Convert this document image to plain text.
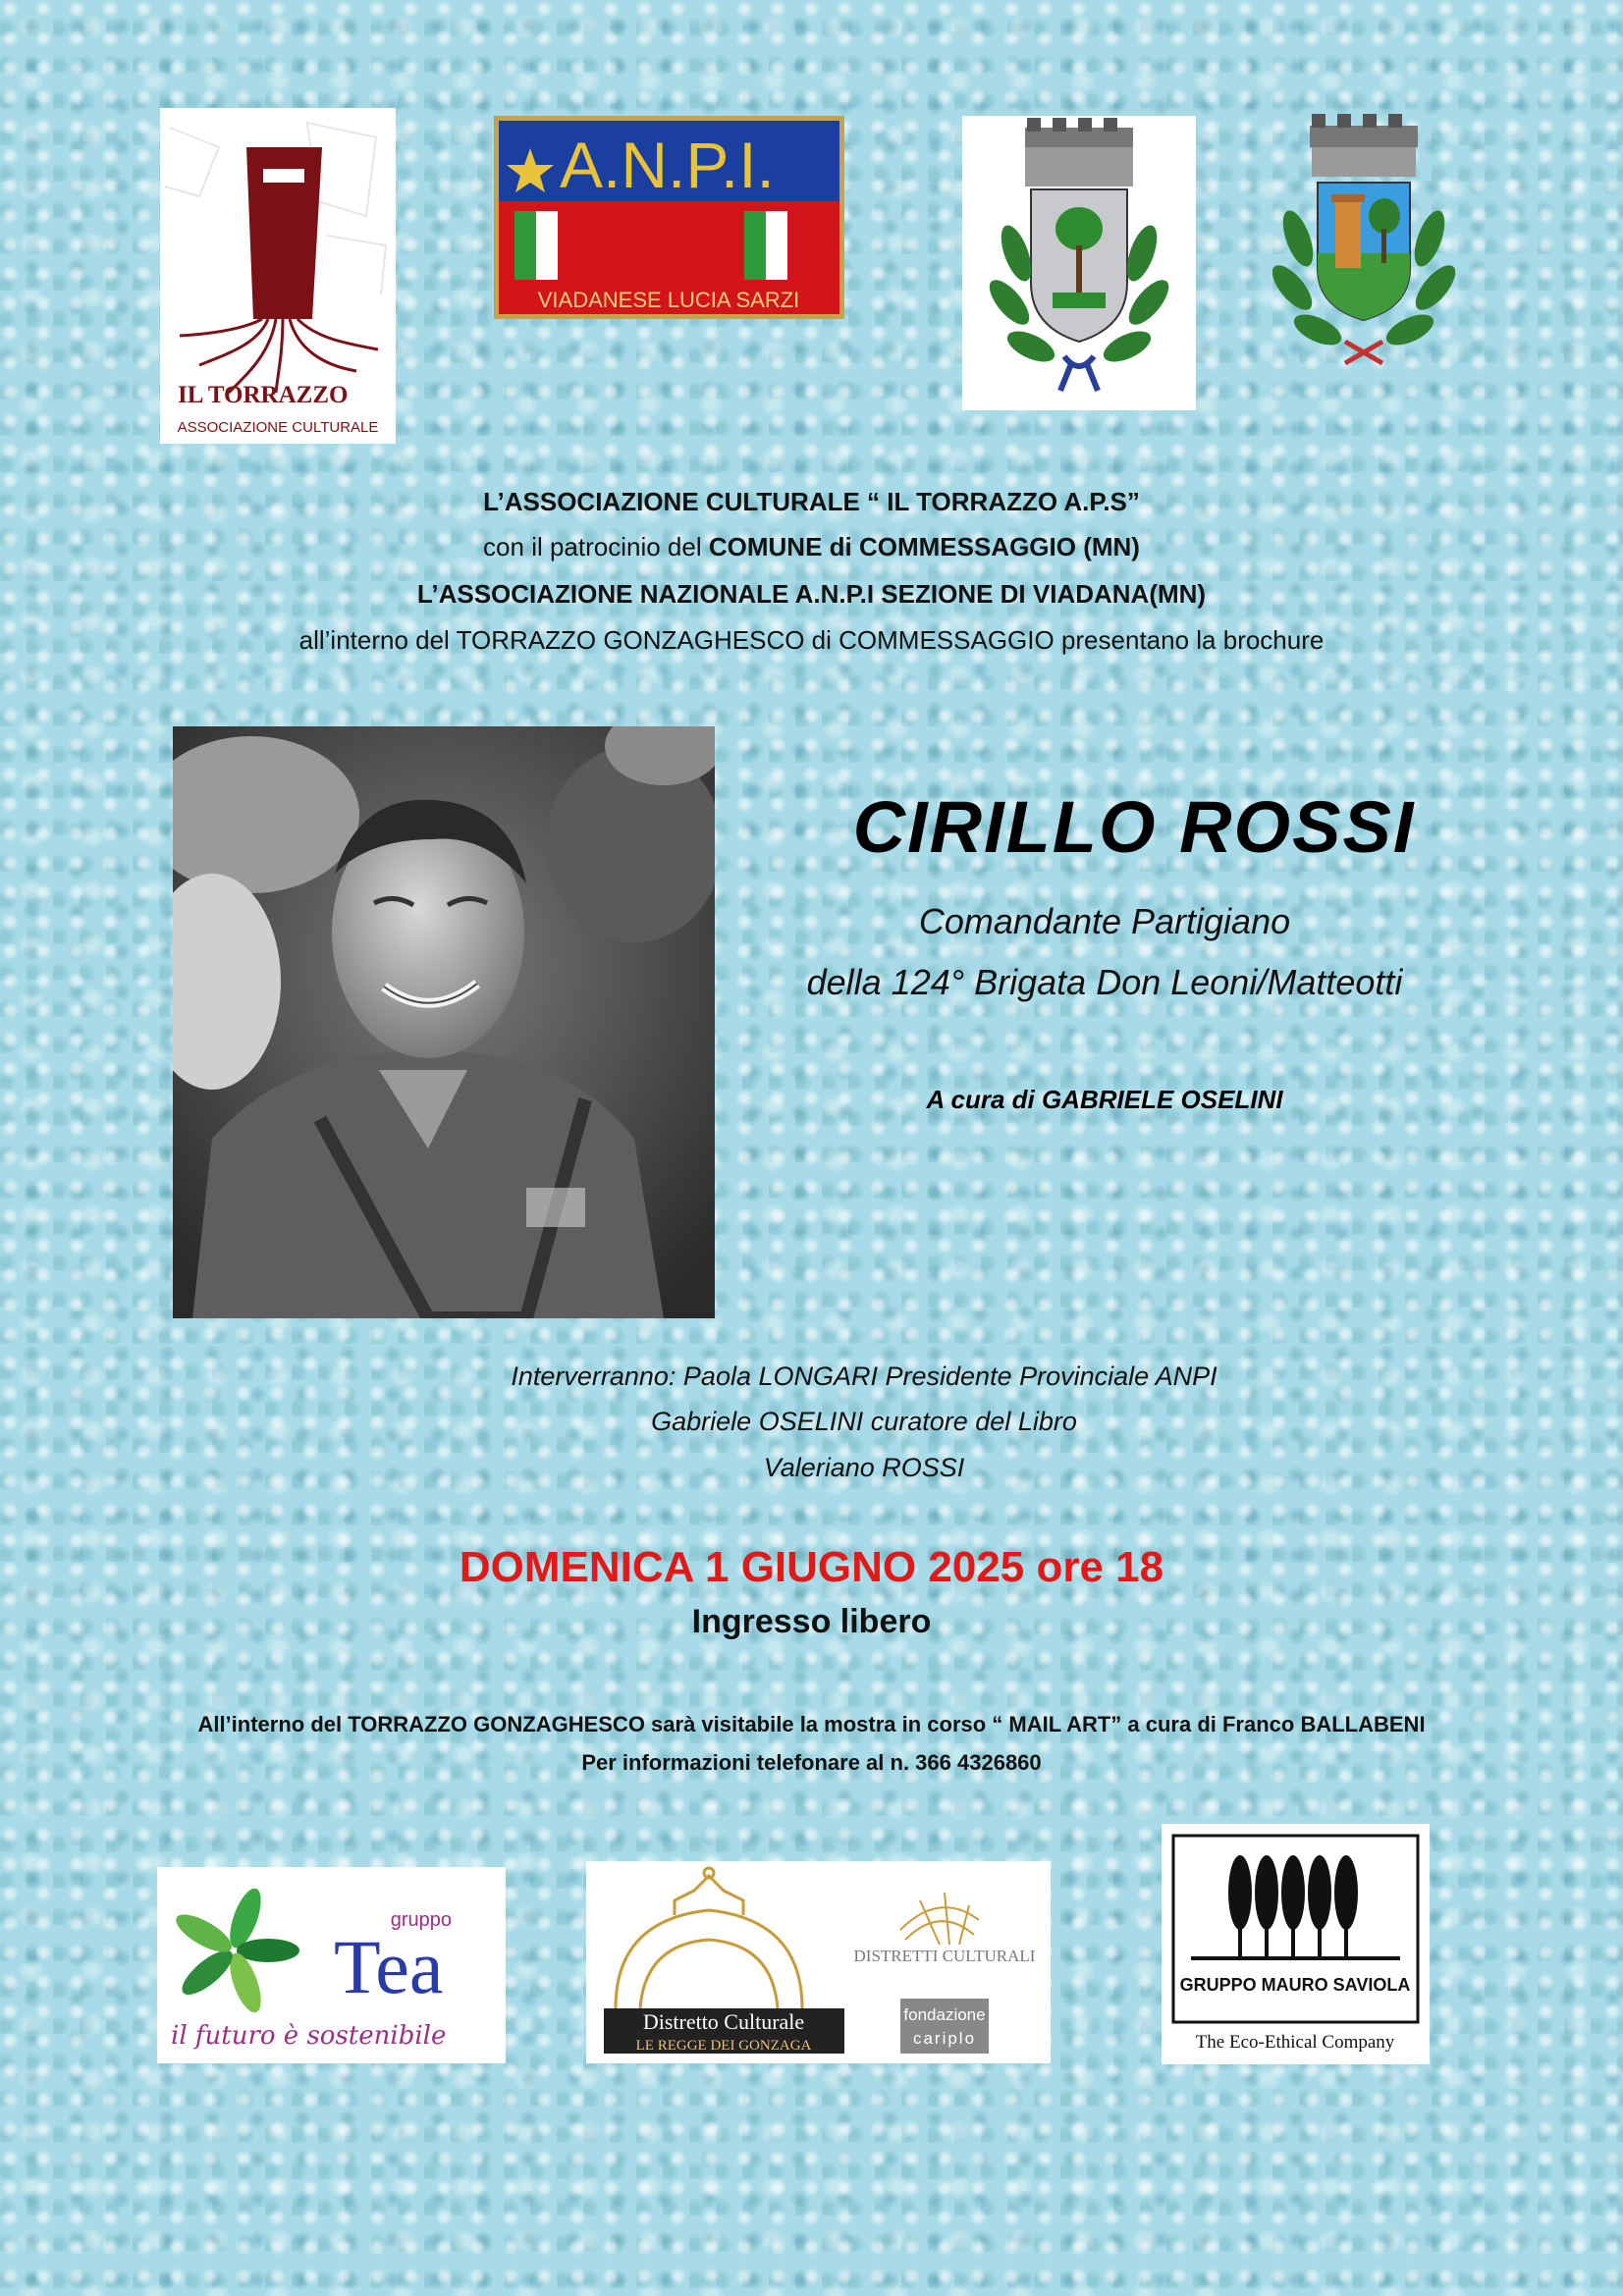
IL TORRAZZO
ASSOCIAZIONE CULTURALE
A.N.P.I.
VIADANESE LUCIA SARZI
L’ASSOCIAZIONE CULTURALE “ IL TORRAZZO A.P.S”
con il patrocinio del COMUNE di COMMESSAGGIO (MN)
L’ASSOCIAZIONE NAZIONALE A.N.P.I SEZIONE DI VIADANA(MN)
all’interno del TORRAZZO GONZAGHESCO di COMMESSAGGIO presentano la brochure
CIRILLO ROSSI
Comandante Partigiano
della 124° Brigata Don Leoni/Matteotti
A cura di GABRIELE OSELINI
Interverranno: Paola LONGARI Presidente Provinciale ANPI
Gabriele OSELINI curatore del Libro
Valeriano ROSSI
DOMENICA 1 GIUGNO 2025 ore 18
Ingresso libero
All’interno del TORRAZZO GONZAGHESCO sarà visitabile la mostra in corso “ MAIL ART” a cura di Franco BALLABENI
Per informazioni telefonare al n. 366 4326860
gruppo
Tea
il futuro è sostenibile	Distretto Culturale
LE REGGE DEI GONZAGA
DISTRETTI CULTURALI
fondazione
cariplo
GRUPPO MAURO SAVIOLA
The Eco-Ethical Company
